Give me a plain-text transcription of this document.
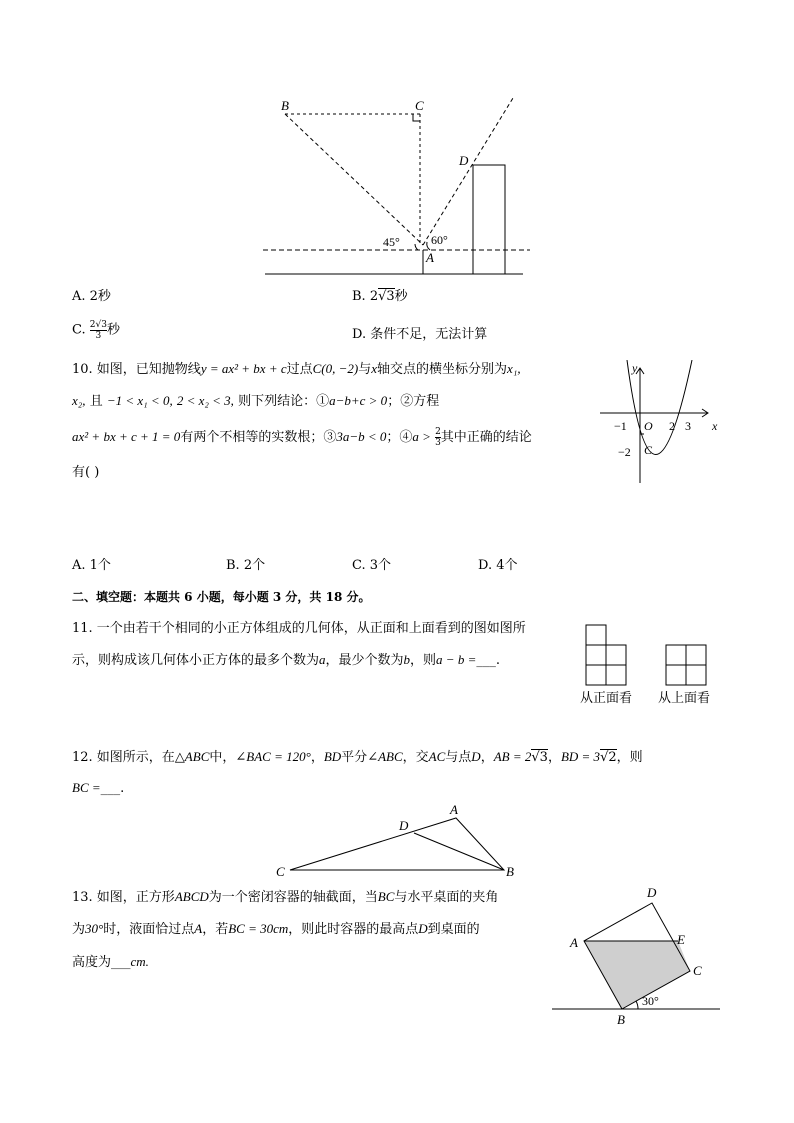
B	C
D
A
45°	60°
A. 2秒	B. 2√3秒
C. $\frac{2√3}{3}$ 秒	D. 条件不足，无法计算
10. 如图，已知抛物线y = ax² + bx + c过点C(0, −2)与x轴交点的横坐标分别为x₁,
x₂, 且 −1 < x₁ < 0, 2 < x₂ < 3, 则下列结论：①a−b+c > 0；②方程
ax² + bx + c + 1 = 0有两个不相等的实数根；③3a−b < 0；④a > $\frac{2}{3}$ 其中正确的结论
有( )
y
x
−1 O 2 3
−2 C
A. 1个	B. 2个	C. 3个	D. 4个
二、填空题：本题共 6 小题，每小题 3 分，共 18 分。
11. 一个由若干个相同的小正方体组成的几何体，从正面和上面看到的图如图所
示，则构成该几何体小正方体的最多个数为a，最少个数为b，则a − b =___.
从正面看 从上面看
12. 如图所示，在△ABC中，∠BAC = 120°，BD平分∠ABC，交AC与点D，AB = 2√3，BD = 3√2，则
BC =___.
A
D
C	B
13. 如图，正方形ABCD为一个密闭容器的轴截面，当BC与水平桌面的夹角
为30°时，液面恰过点A，若BC = 30cm，则此时容器的最高点D到桌面的
高度为___cm.
D
A	E
C
B
30°
